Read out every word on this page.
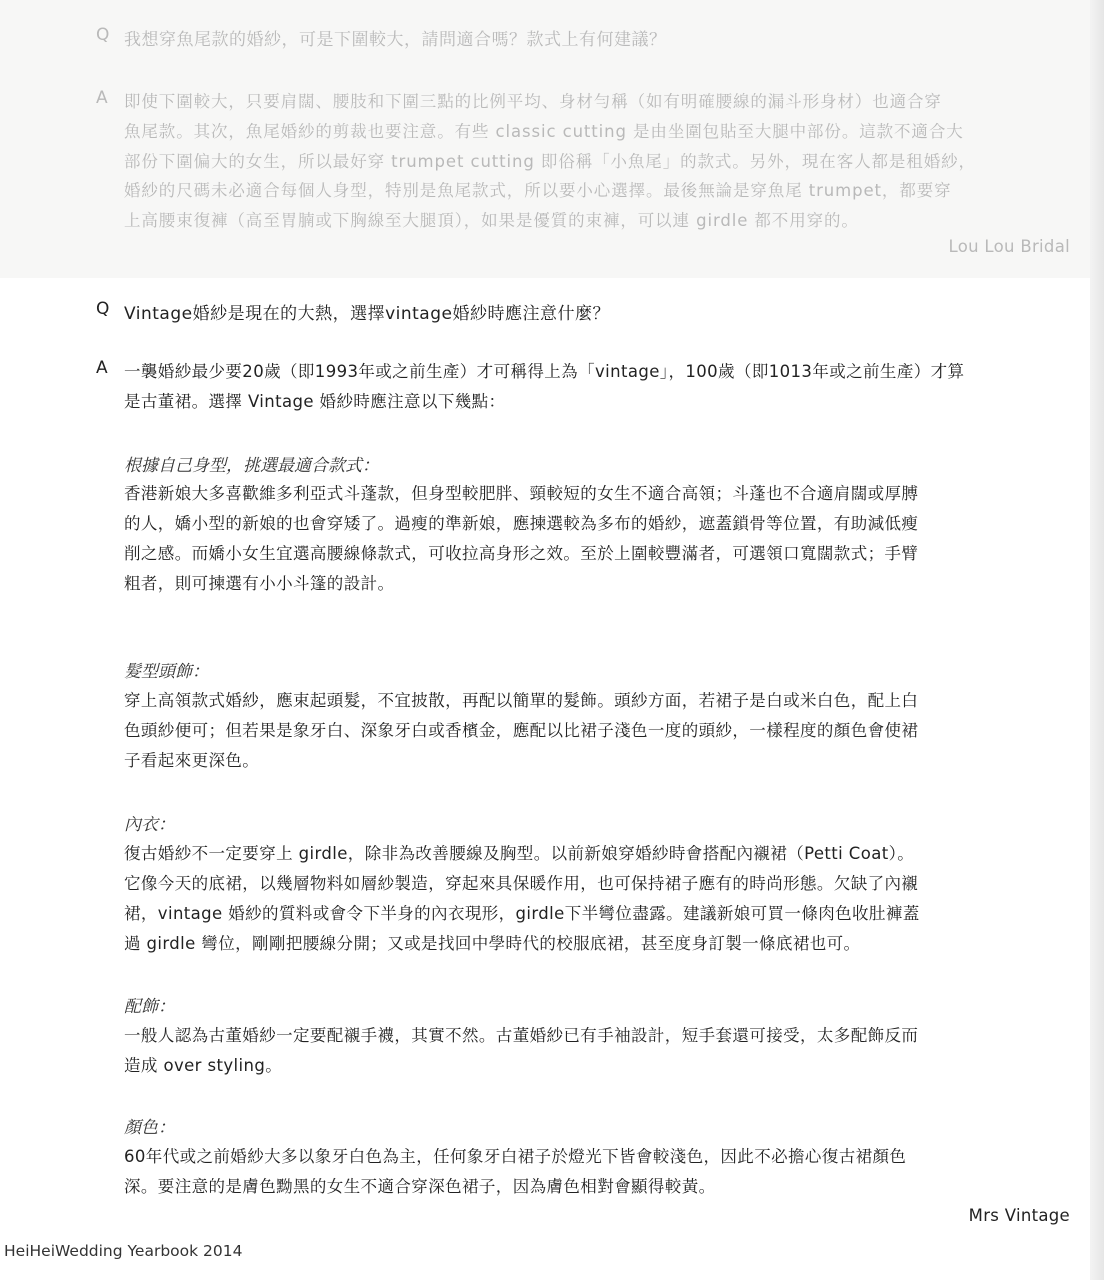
Q 我想穿魚尾款的婚紗，可是下圍較大，請問適合嗎？款式上有何建議？
A 即使下圍較大，只要肩闊、腰肢和下圍三點的比例平均、身材勻稱（如有明確腰線的漏斗形身材）也適合穿
魚尾款。其次，魚尾婚紗的剪裁也要注意。有些 classic cutting 是由坐圍包貼至大腿中部份。這款不適合大
部份下圍偏大的女生，所以最好穿 trumpet cutting 即俗稱「小魚尾」的款式。另外，現在客人都是租婚紗，
婚紗的尺碼未必適合每個人身型，特別是魚尾款式，所以要小心選擇。最後無論是穿魚尾 trumpet，都要穿
上高腰束復褲（高至胃腩或下胸線至大腿頂），如果是優質的束褲，可以連 girdle 都不用穿的。
Lou Lou Bridal
Q Vintage婚紗是現在的大熱，選擇vintage婚紗時應注意什麼？
A 一襲婚紗最少要20歲（即1993年或之前生產）才可稱得上為「vintage」，100歲（即1013年或之前生產）才算
是古董裙。選擇 Vintage 婚紗時應注意以下幾點：
根據自己身型，挑選最適合款式：
香港新娘大多喜歡維多利亞式斗蓬款，但身型較肥胖、頸較短的女生不適合高領；斗蓬也不合適肩闊或厚膊
的人，嬌小型的新娘的也會穿矮了。過瘦的準新娘，應揀選較為多布的婚紗，遮蓋鎖骨等位置，有助減低瘦
削之感。而嬌小女生宜選高腰線條款式，可收拉高身形之效。至於上圍較豐滿者，可選領口寬闊款式；手臂
粗者，則可揀選有小小斗篷的設計。
髮型頭飾：
穿上高領款式婚紗，應束起頭髮，不宜披散，再配以簡單的髮飾。頭紗方面，若裙子是白或米白色，配上白
色頭紗便可；但若果是象牙白、深象牙白或香檳金，應配以比裙子淺色一度的頭紗，一樣程度的顏色會使裙
子看起來更深色。
內衣：
復古婚紗不一定要穿上 girdle，除非為改善腰線及胸型。以前新娘穿婚紗時會搭配內襯裙（Petti Coat）。
它像今天的底裙，以幾層物料如層紗製造，穿起來具保暖作用，也可保持裙子應有的時尚形態。欠缺了內襯
裙，vintage 婚紗的質料或會令下半身的內衣現形，girdle下半彎位盡露。建議新娘可買一條肉色收肚褲蓋
過 girdle 彎位，剛剛把腰線分開；又或是找回中學時代的校服底裙，甚至度身訂製一條底裙也可。
配飾：
一般人認為古董婚紗一定要配襯手襪，其實不然。古董婚紗已有手袖設計，短手套還可接受，太多配飾反而
造成 over styling。
顏色：
60年代或之前婚紗大多以象牙白色為主，任何象牙白裙子於燈光下皆會較淺色，因此不必擔心復古裙顏色
深。要注意的是膚色黝黑的女生不適合穿深色裙子，因為膚色相對會顯得較黃。
Mrs Vintage
HeiHeiWedding Yearbook 2014
